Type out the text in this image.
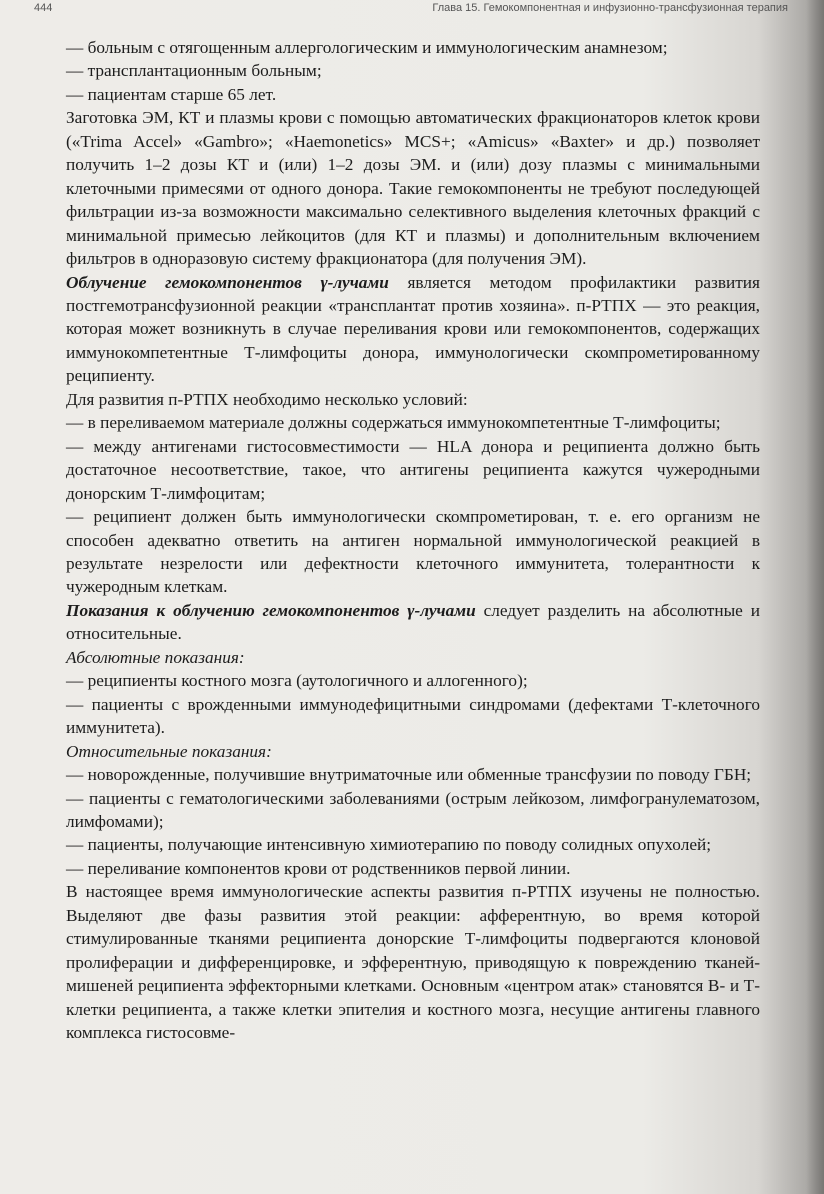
444	Глава 15. Гемокомпонентная и инфузионно-трансфузионная терапия

— больным с отягощенным аллергологическим и иммунологическим анамнезом;

— трансплантационным больным;

— пациентам старше 65 лет.

Заготовка ЭМ, КТ и плазмы крови с помощью автоматических фракционаторов клеток крови («Trima Accel» «Gambro»; «Haemonetics» MCS+; «Amicus» «Baxter» и др.) позволяет получить 1–2 дозы КТ и (или) 1–2 дозы ЭМ. и (или) дозу плазмы с минимальными клеточными примесями от одного донора. Такие гемокомпоненты не требуют последующей фильтрации из-за возможности максимально селективного выделения клеточных фракций с минимальной примесью лейкоцитов (для КТ и плазмы) и дополнительным включением фильтров в одноразовую систему фракционатора (для получения ЭМ).

Облучение гемокомпонентов γ-лучами является методом профилактики развития постгемотрансфузионной реакции «трансплантат против хозяина». п-РТПХ — это реакция, которая может возникнуть в случае переливания крови или гемокомпонентов, содержащих иммунокомпетентные Т-лимфоциты донора, иммунологически скомпрометированному реципиенту.

Для развития п-РТПХ необходимо несколько условий:

— в переливаемом материале должны содержаться иммунокомпетентные Т-лимфоциты;

— между антигенами гистосовместимости — HLA донора и реципиента должно быть достаточное несоответствие, такое, что антигены реципиента кажутся чужеродными донорским Т-лимфоцитам;

— реципиент должен быть иммунологически скомпрометирован, т. е. его организм не способен адекватно ответить на антиген нормальной иммунологической реакцией в результате незрелости или дефектности клеточного иммунитета, толерантности к чужеродным клеткам.

Показания к облучению гемокомпонентов γ-лучами следует разделить на абсолютные и относительные.

Абсолютные показания:

— реципиенты костного мозга (аутологичного и аллогенного);

— пациенты с врожденными иммунодефицитными синдромами (дефектами Т-клеточного иммунитета).

Относительные показания:

— новорожденные, получившие внутриматочные или обменные трансфузии по поводу ГБН;

— пациенты с гематологическими заболеваниями (острым лейкозом, лимфогранулематозом, лимфомами);

— пациенты, получающие интенсивную химиотерапию по поводу солидных опухолей;

— переливание компонентов крови от родственников первой линии.

В настоящее время иммунологические аспекты развития п-РТПХ изучены не полностью. Выделяют две фазы развития этой реакции: афферентную, во время которой стимулированные тканями реципиента донорские Т-лимфоциты подвергаются клоновой пролиферации и дифференцировке, и эфферентную, приводящую к повреждению тканей-мишеней реципиента эффекторными клетками. Основным «центром атак» становятся В- и Т-клетки реципиента, а также клетки эпителия и костного мозга, несущие антигены главного комплекса гистосовме-
